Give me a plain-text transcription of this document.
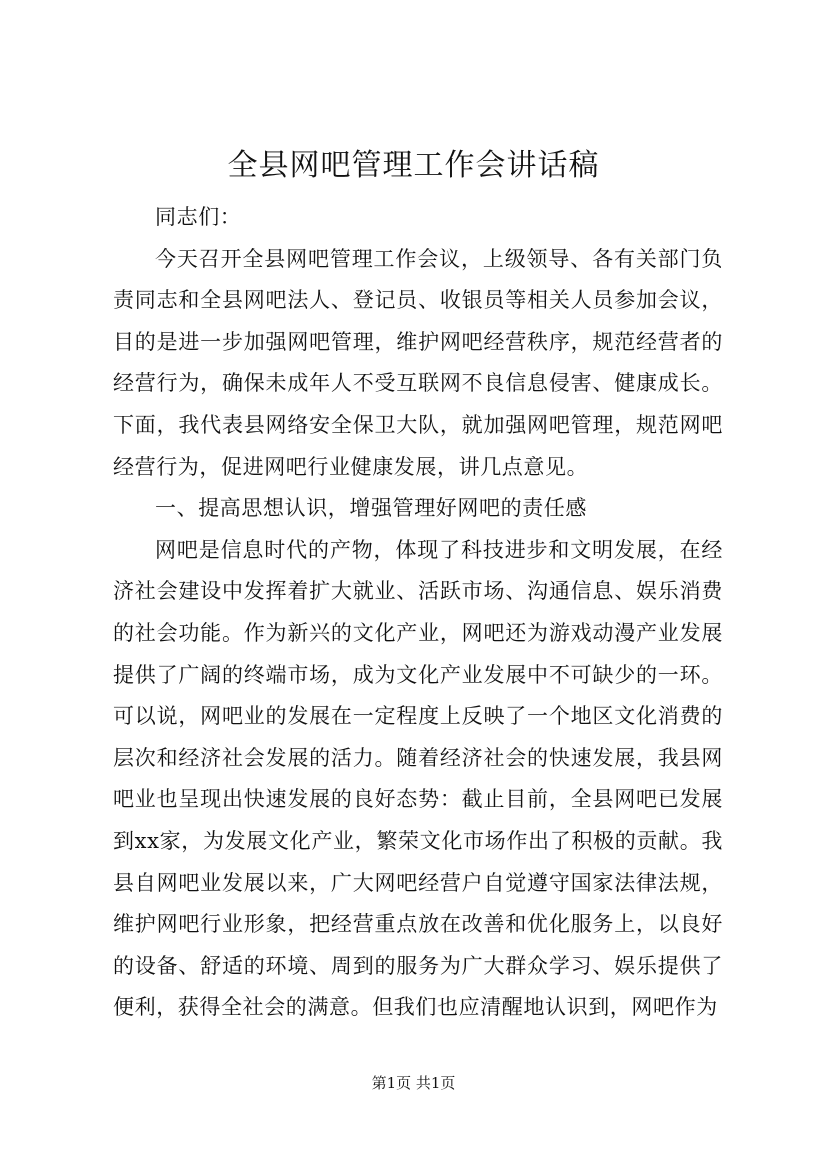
全县网吧管理工作会讲话稿

同志们：

今天召开全县网吧管理工作会议，上级领导、各有关部门负责同志和全县网吧法人、登记员、收银员等相关人员参加会议，目的是进一步加强网吧管理，维护网吧经营秩序，规范经营者的经营行为，确保未成年人不受互联网不良信息侵害、健康成长。下面，我代表县网络安全保卫大队，就加强网吧管理，规范网吧经营行为，促进网吧行业健康发展，讲几点意见。

一、提高思想认识，增强管理好网吧的责任感

网吧是信息时代的产物，体现了科技进步和文明发展，在经济社会建设中发挥着扩大就业、活跃市场、沟通信息、娱乐消费的社会功能。作为新兴的文化产业，网吧还为游戏动漫产业发展提供了广阔的终端市场，成为文化产业发展中不可缺少的一环。可以说，网吧业的发展在一定程度上反映了一个地区文化消费的层次和经济社会发展的活力。随着经济社会的快速发展，我县网吧业也呈现出快速发展的良好态势：截止目前，全县网吧已发展到xx家，为发展文化产业，繁荣文化市场作出了积极的贡献。我县自网吧业发展以来，广大网吧经营户自觉遵守国家法律法规，维护网吧行业形象，把经营重点放在改善和优化服务上，以良好的设备、舒适的环境、周到的服务为广大群众学习、娱乐提供了便利，获得全社会的满意。但我们也应清醒地认识到，网吧作为

第1页 共1页
